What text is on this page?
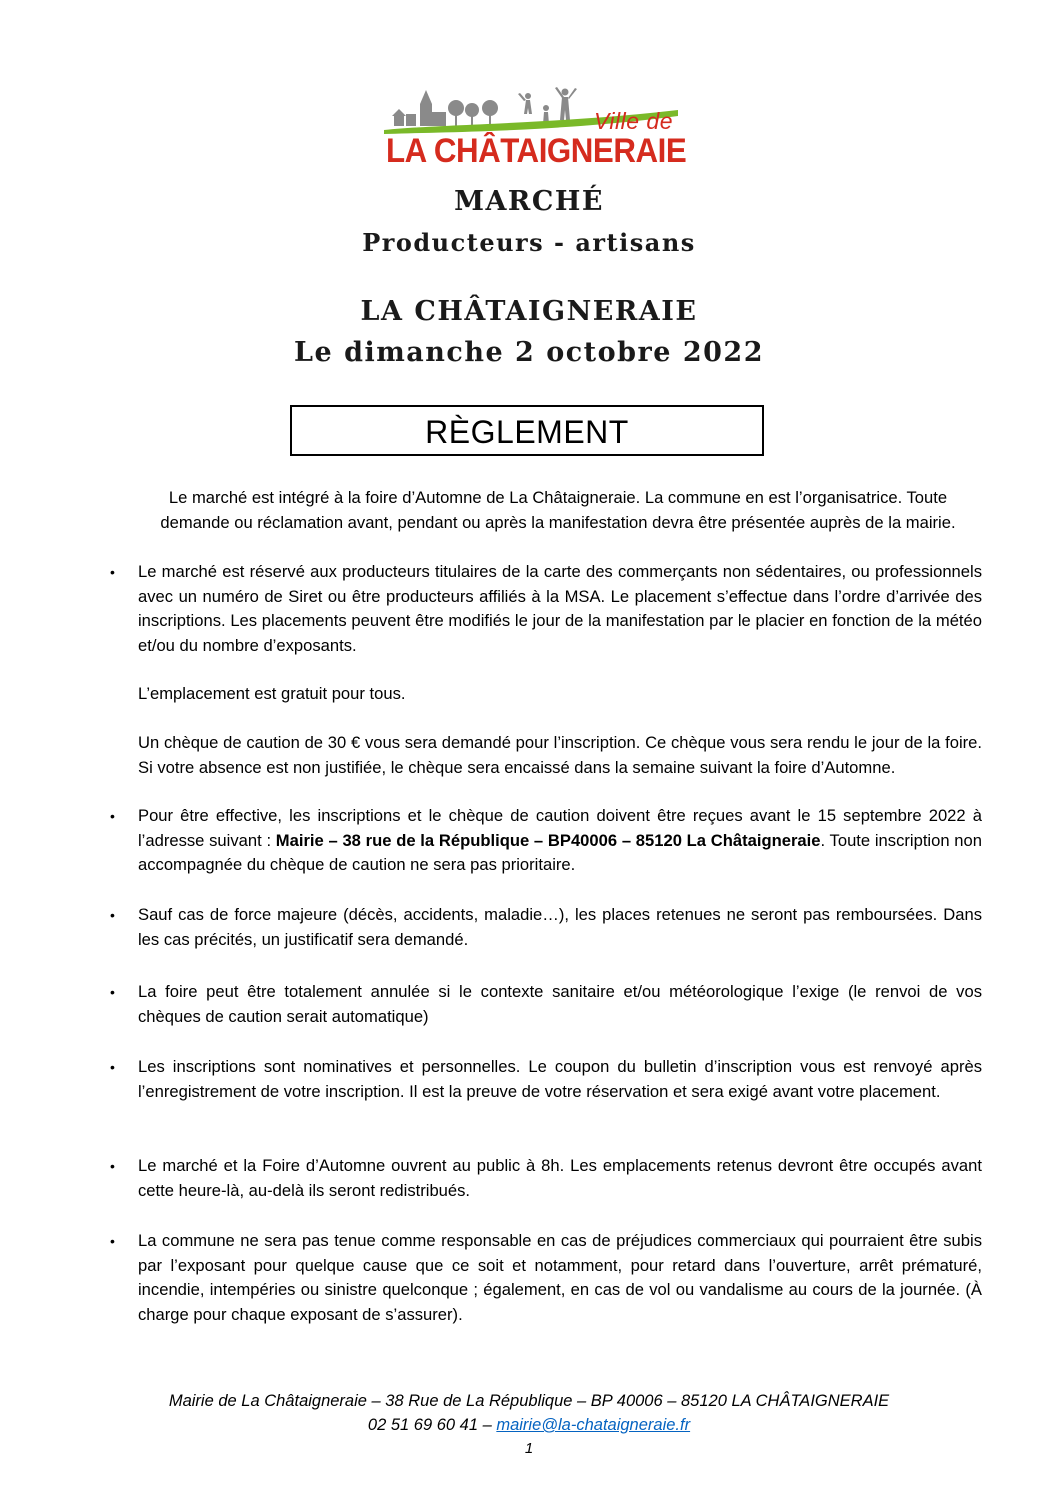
Ville de
LA CHÂTAIGNERAIE
MARCHÉ
Producteurs - artisans
LA CHÂTAIGNERAIE
Le dimanche 2 octobre 2022
RÈGLEMENT
Le marché est intégré à la foire d’Automne de La Châtaigneraie. La commune en est l’organisatrice. Toute demande ou réclamation avant, pendant ou après la manifestation devra être présentée auprès de la mairie.
• Le marché est réservé aux producteurs titulaires de la carte des commerçants non sédentaires, ou professionnels avec un numéro de Siret ou être producteurs affiliés à la MSA. Le placement s’effectue dans l’ordre d’arrivée des inscriptions. Les placements peuvent être modifiés le jour de la manifestation par le placier en fonction de la météo et/ou du nombre d’exposants.
L’emplacement est gratuit pour tous.
Un chèque de caution de 30 € vous sera demandé pour l’inscription. Ce chèque vous sera rendu le jour de la foire. Si votre absence est non justifiée, le chèque sera encaissé dans la semaine suivant la foire d’Automne.
• Pour être effective, les inscriptions et le chèque de caution doivent être reçues avant le 15 septembre 2022 à l’adresse suivant : Mairie – 38 rue de la République – BP40006 – 85120 La Châtaigneraie. Toute inscription non accompagnée du chèque de caution ne sera pas prioritaire.
• Sauf cas de force majeure (décès, accidents, maladie…), les places retenues ne seront pas remboursées. Dans les cas précités, un justificatif sera demandé.
• La foire peut être totalement annulée si le contexte sanitaire et/ou météorologique l’exige (le renvoi de vos chèques de caution serait automatique)
• Les inscriptions sont nominatives et personnelles. Le coupon du bulletin d’inscription vous est renvoyé après l’enregistrement de votre inscription. Il est la preuve de votre réservation et sera exigé avant votre placement.
• Le marché et la Foire d’Automne ouvrent au public à 8h. Les emplacements retenus devront être occupés avant cette heure-là, au-delà ils seront redistribués.
• La commune ne sera pas tenue comme responsable en cas de préjudices commerciaux qui pourraient être subis par l’exposant pour quelque cause que ce soit et notamment, pour retard dans l’ouverture, arrêt prématuré, incendie, intempéries ou sinistre quelconque ; également, en cas de vol ou vandalisme au cours de la journée. (À charge pour chaque exposant de s’assurer).
Mairie de La Châtaigneraie – 38 Rue de La République – BP 40006 – 85120 LA CHÂTAIGNERAIE
02 51 69 60 41 – mairie@la-chataigneraie.fr
1
